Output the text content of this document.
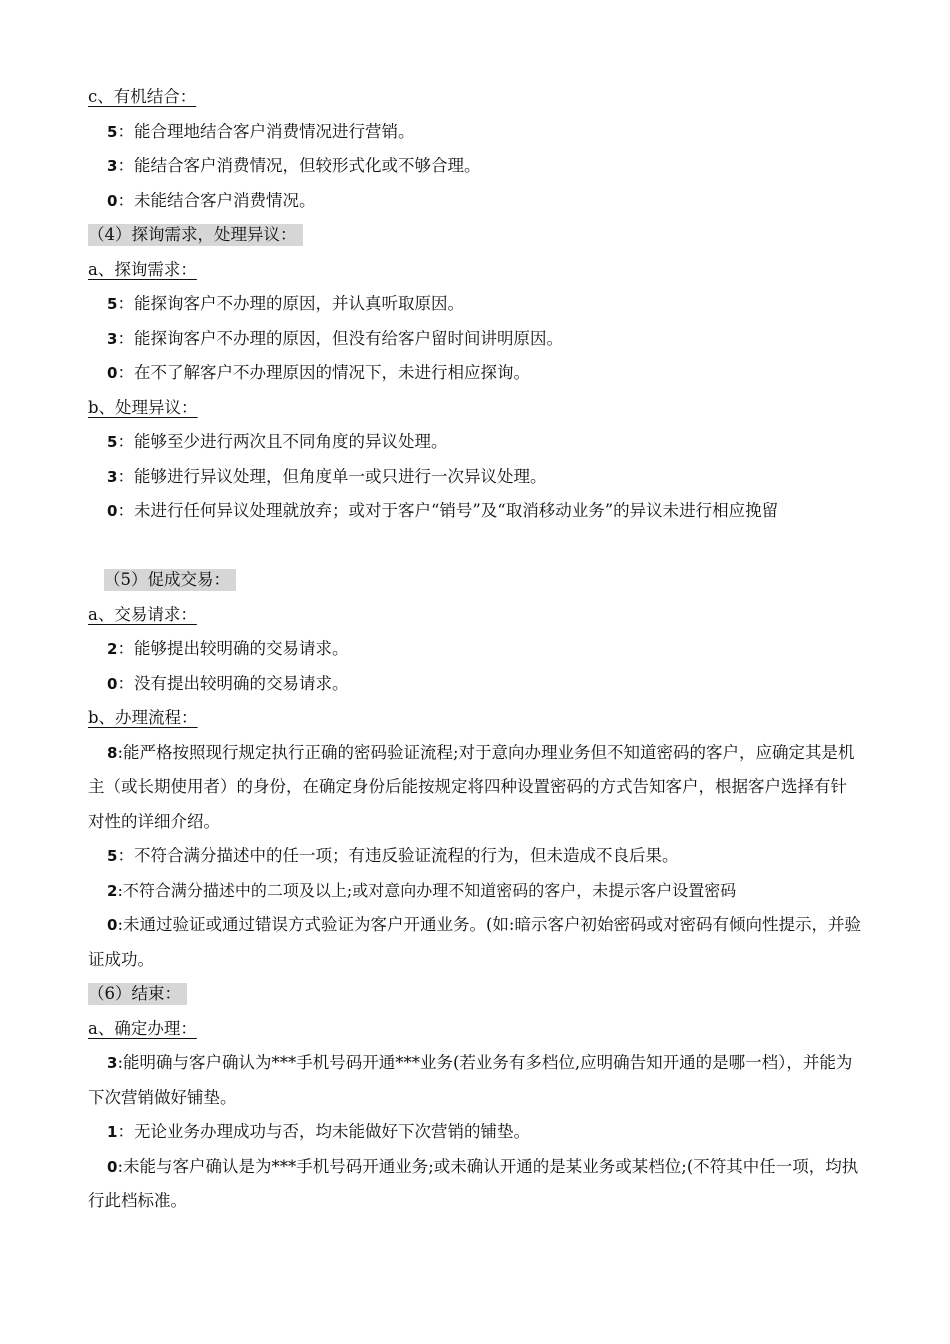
c、有机结合：
5：能合理地结合客户消费情况进行营销。
3：能结合客户消费情况，但较形式化或不够合理。
0：未能结合客户消费情况。
（4）探询需求，处理异议：
a、探询需求：
5：能探询客户不办理的原因，并认真听取原因。
3：能探询客户不办理的原因，但没有给客户留时间讲明原因。
0：在不了解客户不办理原因的情况下，未进行相应探询。
b、处理异议：
5：能够至少进行两次且不同角度的异议处理。
3：能够进行异议处理，但角度单一或只进行一次异议处理。
0：未进行任何异议处理就放弃；或对于客户“销号”及“取消移动业务”的异议未进行相应挽留
（5）促成交易：
a、交易请求：
2：能够提出较明确的交易请求。
0：没有提出较明确的交易请求。
b、办理流程：
8:能严格按照现行规定执行正确的密码验证流程;对于意向办理业务但不知道密码的客户，应确定其是机主（或长期使用者）的身份，在确定身份后能按规定将四种设置密码的方式告知客户，根据客户选择有针对性的详细介绍。
5：不符合满分描述中的任一项；有违反验证流程的行为，但未造成不良后果。
2:不符合满分描述中的二项及以上;或对意向办理不知道密码的客户，未提示客户设置密码
0:未通过验证或通过错误方式验证为客户开通业务。(如:暗示客户初始密码或对密码有倾向性提示，并验证成功。
（6）结束：
a、确定办理：
3:能明确与客户确认为***手机号码开通***业务(若业务有多档位,应明确告知开通的是哪一档），并能为下次营销做好铺垫。
1：无论业务办理成功与否，均未能做好下次营销的铺垫。
0:未能与客户确认是为***手机号码开通业务;或未确认开通的是某业务或某档位;(不符其中任一项，均执行此档标准。
